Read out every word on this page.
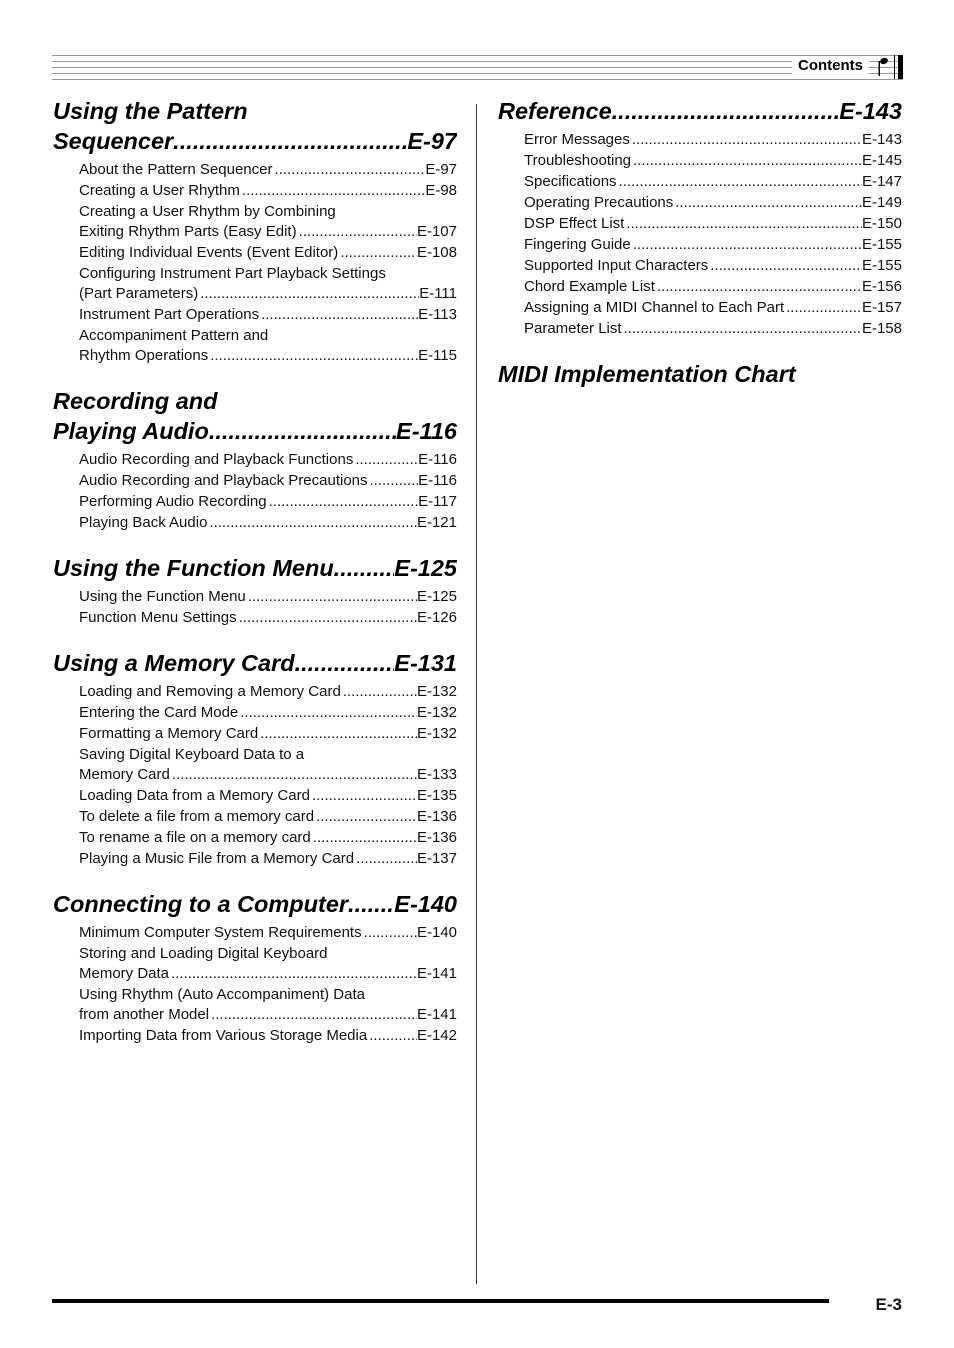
Contents
Using the Pattern
Sequencer .....	E-97
About the Pattern Sequencer .....	E-97
Creating a User Rhythm .....	E-98
Creating a User Rhythm by Combining
Exiting Rhythm Parts (Easy Edit) .....	E-107
Editing Individual Events (Event Editor) .....	E-108
Configuring Instrument Part Playback Settings
(Part Parameters) .....	E-111
Instrument Part Operations .....	E-113
Accompaniment Pattern and
Rhythm Operations .....	E-115
Recording and
Playing Audio .....	E-116
Audio Recording and Playback Functions .....	E-116
Audio Recording and Playback Precautions .....	E-116
Performing Audio Recording .....	E-117
Playing Back Audio .....	E-121
Using the Function Menu .....	E-125
Using the Function Menu .....	E-125
Function Menu Settings .....	E-126
Using a Memory Card .....	E-131
Loading and Removing a Memory Card .....	E-132
Entering the Card Mode .....	E-132
Formatting a Memory Card .....	E-132
Saving Digital Keyboard Data to a
Memory Card .....	E-133
Loading Data from a Memory Card .....	E-135
To delete a file from a memory card .....	E-136
To rename a file on a memory card .....	E-136
Playing a Music File from a Memory Card .....	E-137
Connecting to a Computer ..... E-140
Minimum Computer System Requirements .....	E-140
Storing and Loading Digital Keyboard
Memory Data .....	E-141
Using Rhythm (Auto Accompaniment) Data
from another Model .....	E-141
Importing Data from Various Storage Media .....	E-142
Reference .....	E-143
Error Messages .....	E-143
Troubleshooting .....	E-145
Specifications .....	E-147
Operating Precautions .....	E-149
DSP Effect List .....	E-150
Fingering Guide .....	E-155
Supported Input Characters .....	E-155
Chord Example List .....	E-156
Assigning a MIDI Channel to Each Part .....	E-157
Parameter List .....	E-158
MIDI Implementation Chart
E-3
